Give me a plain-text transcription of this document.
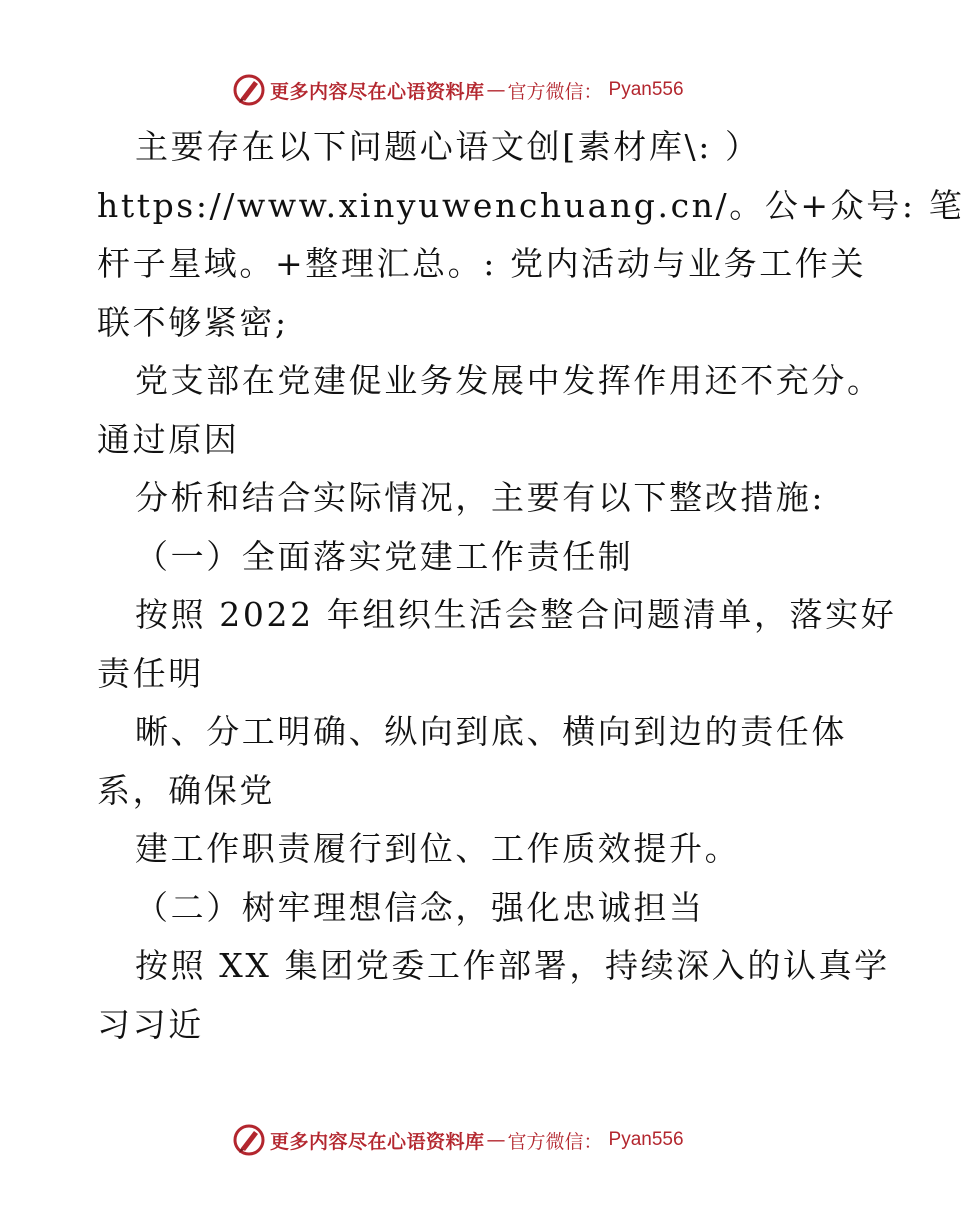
更多内容尽在心语资料库 — 官方微信： Pyan556
主要存在以下问题心语文创[素材库\: ）
https://www.xinyuwenchuang.cn/。公+众号: 笔
杆子星域。+整理汇总。: 党内活动与业务工作关
联不够紧密;
党支部在党建促业务发展中发挥作用还不充分。
通过原因
分析和结合实际情况，主要有以下整改措施:
（一）全面落实党建工作责任制
按照 2022 年组织生活会整合问题清单，落实好
责任明
晰、分工明确、纵向到底、横向到边的责任体
系，确保党
建工作职责履行到位、工作质效提升。
（二）树牢理想信念，强化忠诚担当
按照 XX 集团党委工作部署，持续深入的认真学
习习近
更多内容尽在心语资料库 — 官方微信： Pyan556
